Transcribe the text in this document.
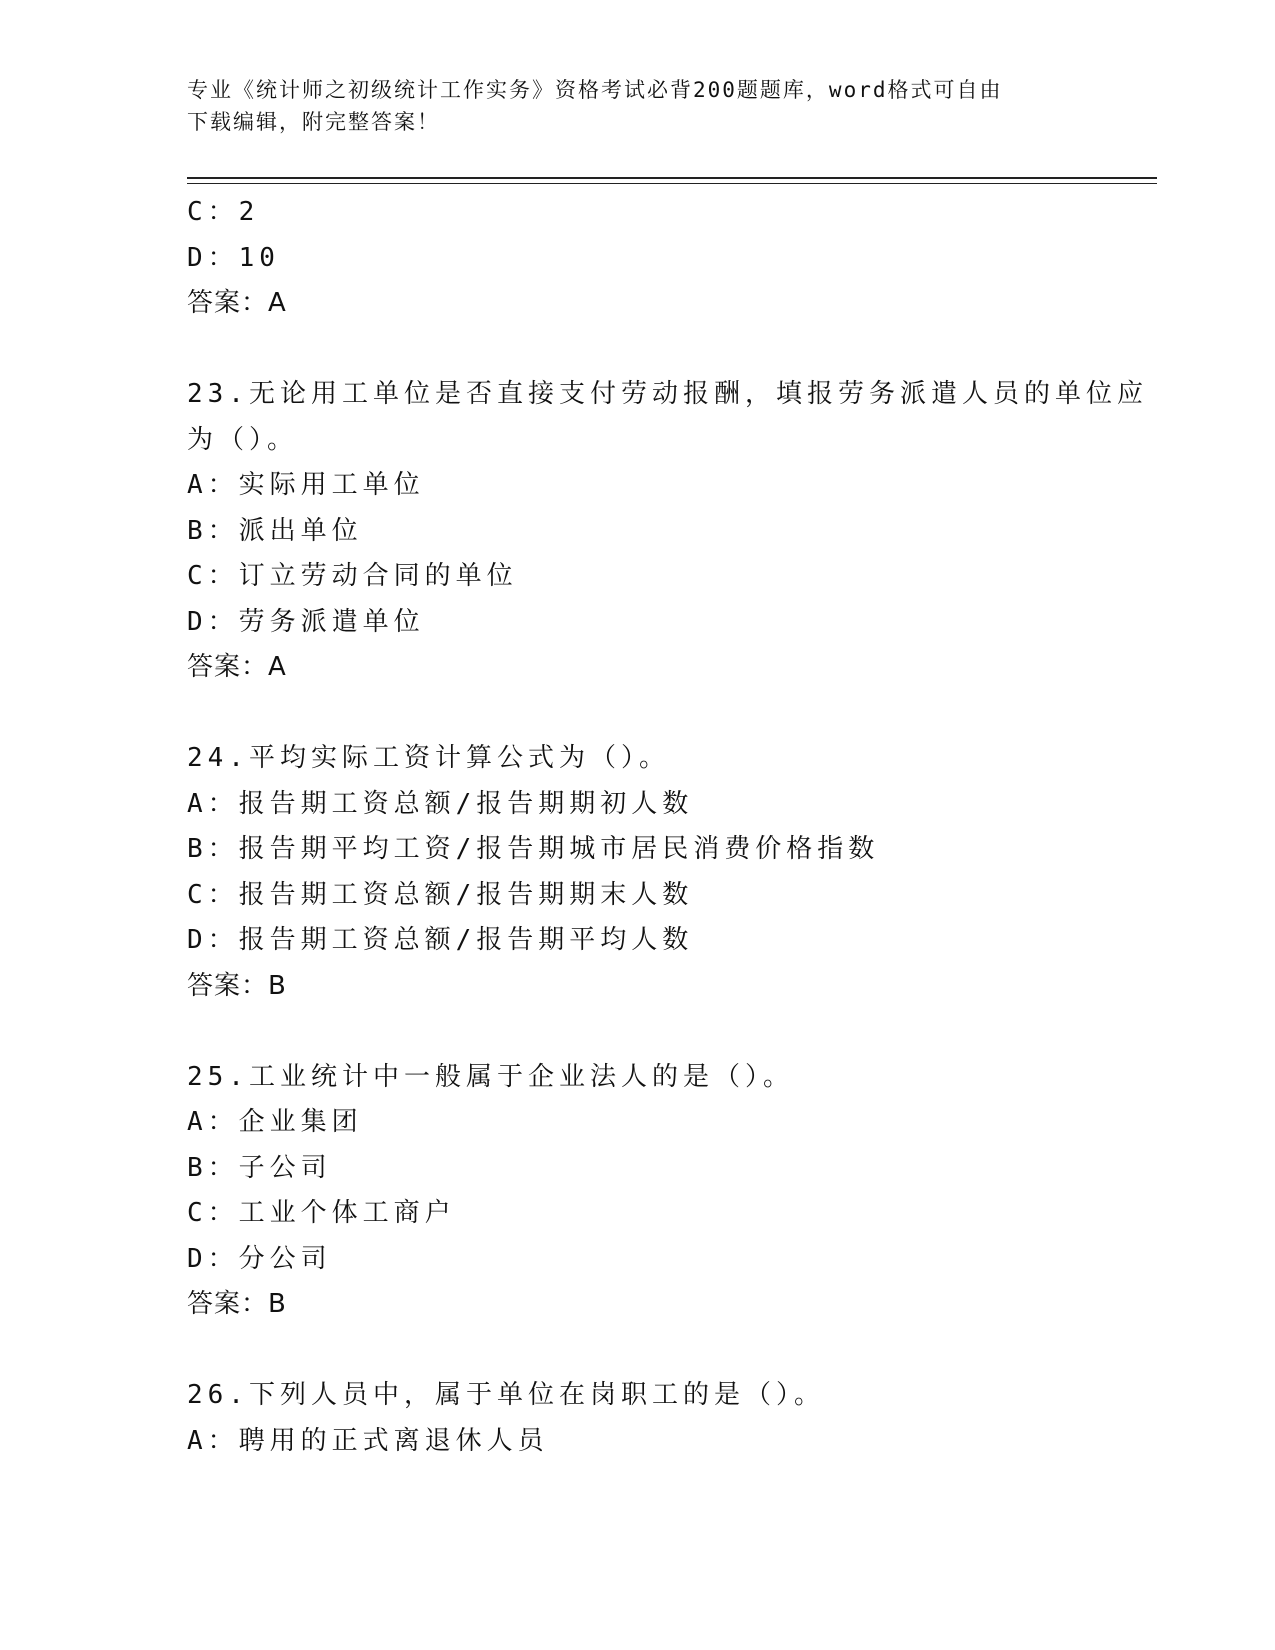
专业《统计师之初级统计工作实务》资格考试必背200题题库，word格式可自由
下载编辑，附完整答案！
C：2
D：10
答案：A
23.无论用工单位是否直接支付劳动报酬，填报劳务派遣人员的单位应
为（）。
A：实际用工单位
B：派出单位
C：订立劳动合同的单位
D：劳务派遣单位
答案：A
24.平均实际工资计算公式为（）。
A：报告期工资总额/报告期期初人数
B：报告期平均工资/报告期城市居民消费价格指数
C：报告期工资总额/报告期期末人数
D：报告期工资总额/报告期平均人数
答案：B
25.工业统计中一般属于企业法人的是（）。
A：企业集团
B：子公司
C：工业个体工商户
D：分公司
答案：B
26.下列人员中，属于单位在岗职工的是（）。
A：聘用的正式离退休人员
